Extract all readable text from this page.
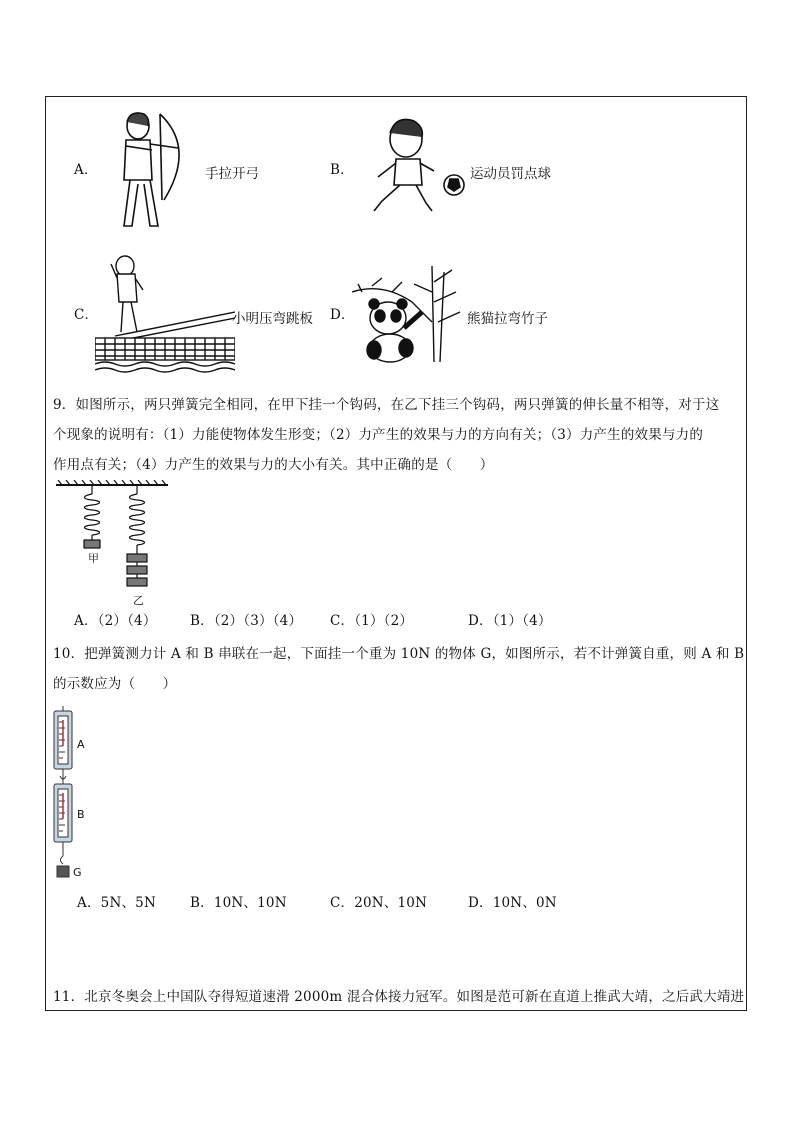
A．	手拉开弓	B．	运动员罚点球
C．	小明压弯跳板 D．	熊猫拉弯竹子
9．如图所示，两只弹簧完全相同，在甲下挂一个钩码，在乙下挂三个钩码，两只弹簧的伸长量不相等，对于这
个现象的说明有：（1）力能使物体发生形变；（2）力产生的效果与力的方向有关；（3）力产生的效果与力的
作用点有关；（4）力产生的效果与力的大小有关。其中正确的是（　　）
甲
乙
A．（2）（4） B．（2）（3）（4） C．（1）（2）	D．（1）（4）
10．把弹簧测力计 A 和 B 串联在一起，下面挂一个重为 10N 的物体 G，如图所示，若不计弹簧自重，则 A 和 B
的示数应为（　　）
A
B
G
A．5N、5N	B．10N、10N	C．20N、10N	D．10N、0N
11．北京冬奥会上中国队夺得短道速滑 2000m 混合体接力冠军。如图是范可新在直道上推武大靖，之后武大靖进
